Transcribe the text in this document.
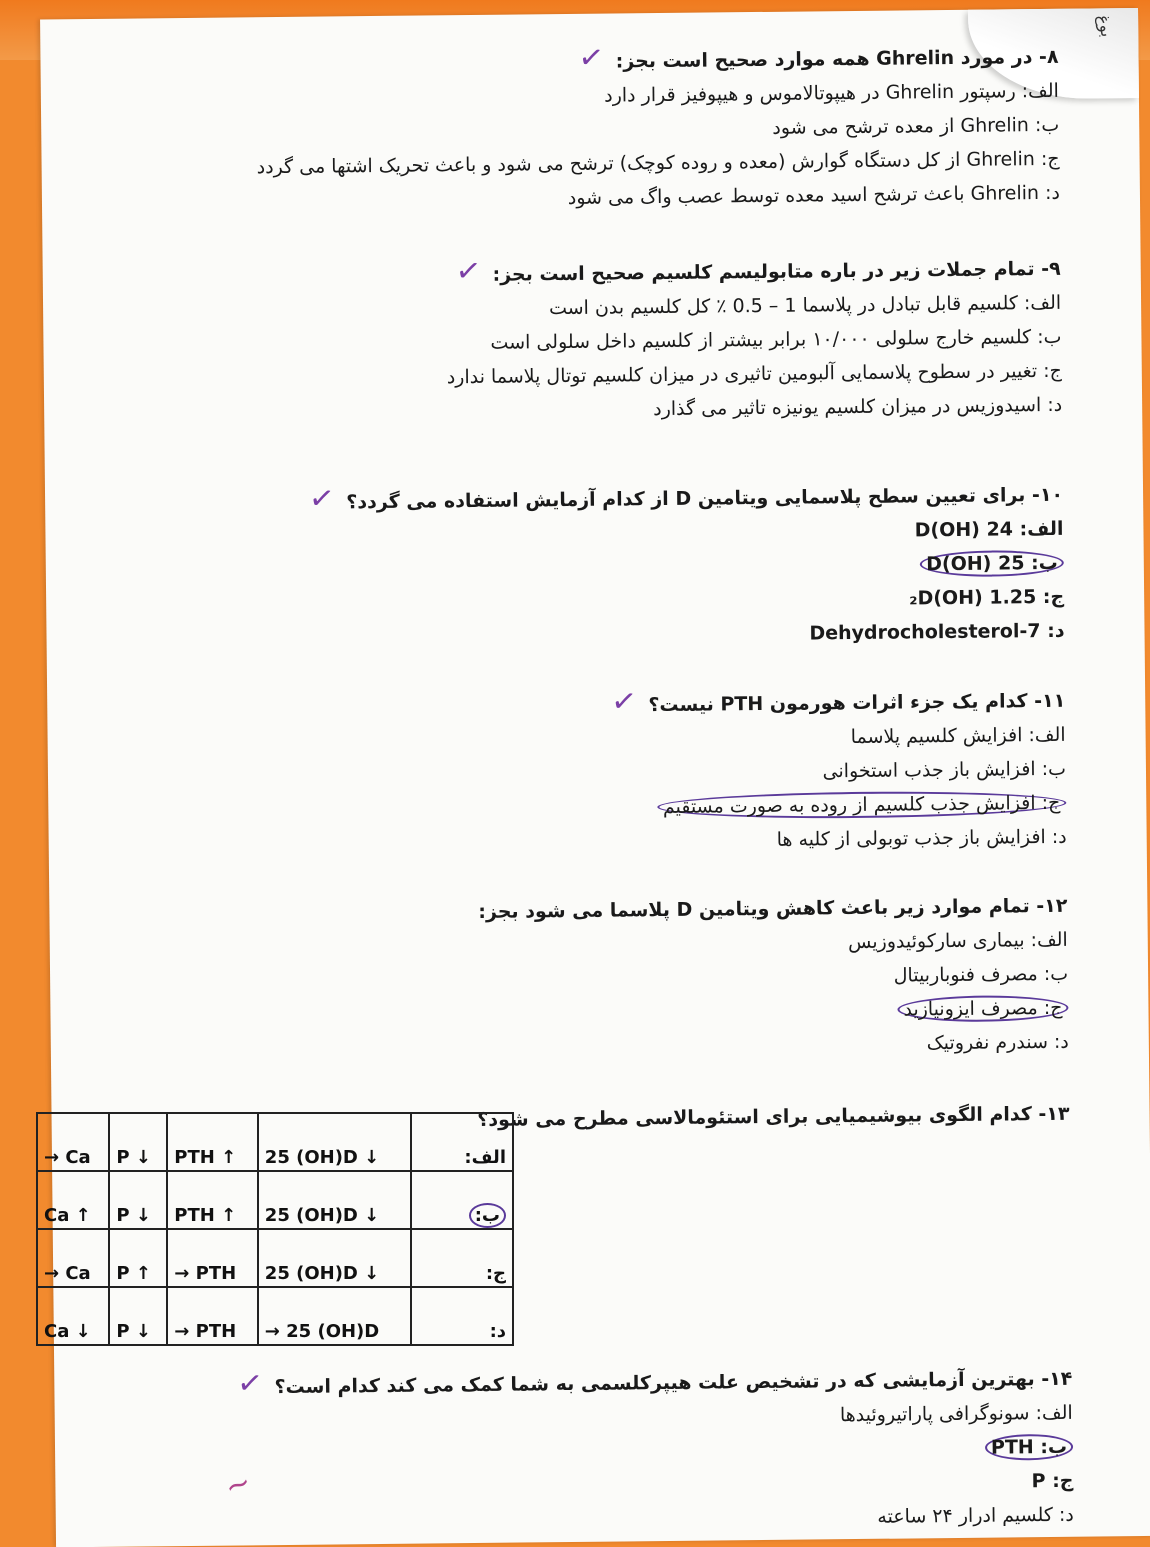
بوغ
۸- در مورد Ghrelin همه موارد صحیح است بجز:✓
الف: رسپتور Ghrelin در هیپوتالاموس و هیپوفیز قرار دارد
ب: Ghrelin از معده ترشح می شود
ج: Ghrelin از کل دستگاه گوارش (معده و روده کوچک) ترشح می شود و باعث تحریک اشتها می گردد
د: Ghrelin باعث ترشح اسید معده توسط عصب واگ می شود
۹- تمام جملات زیر در باره متابولیسم کلسیم صحیح است بجز:✓
الف: کلسیم قابل تبادل در پلاسما 1 – 0.5 ٪ کل کلسیم بدن است
ب: کلسیم خارج سلولی ۱۰/۰۰۰ برابر بیشتر از کلسیم داخل سلولی است
ج: تغییر در سطوح پلاسمایی آلبومین تاثیری در میزان کلسیم توتال پلاسما ندارد
د: اسیدوزیس در میزان کلسیم یونیزه تاثیر می گذارد
۱۰- برای تعیین سطح پلاسمایی ویتامین D از کدام آزمایش استفاده می گردد؟✓
الف: 24 (OH)D
ب: 25 (OH)D
ج: 1.25 (OH)₂D
د: 7-Dehydrocholesterol
۱۱- کدام یک جزء اثرات هورمون PTH نیست؟✓
الف: افزایش کلسیم پلاسما
ب: افزایش باز جذب استخوانی
ج: افزایش جذب کلسیم از روده به صورت مستقیم
د: افزایش باز جذب توبولی از کلیه ها
۱۲- تمام موارد زیر باعث کاهش ویتامین D پلاسما می شود بجز:
الف: بیماری سارکوئیدوزیس
ب: مصرف فنوباربیتال
ج: مصرف ایزونیازید
د: سندرم نفروتیک
۱۳- کدام الگوی بیوشیمیایی برای استئومالاسی مطرح می شود؟
۱۴- بهترین آزمایشی که در تشخیص علت هیپرکلسمی به شما کمک می کند کدام است؟✓
الف: سونوگرافی پاراتیروئیدها
ب: PTH
ج: P
د: کلسیم ادرار ۲۴ ساعته
~
→ Ca	P ↓	PTH ↑	25 (OH)D ↓	الف:
Ca ↑	P ↓	PTH ↑	25 (OH)D ↓	ب:
→ Ca	P ↑	→ PTH	25 (OH)D ↓	ج:
Ca ↓	P ↓	→ PTH	→ 25 (OH)D	د:
